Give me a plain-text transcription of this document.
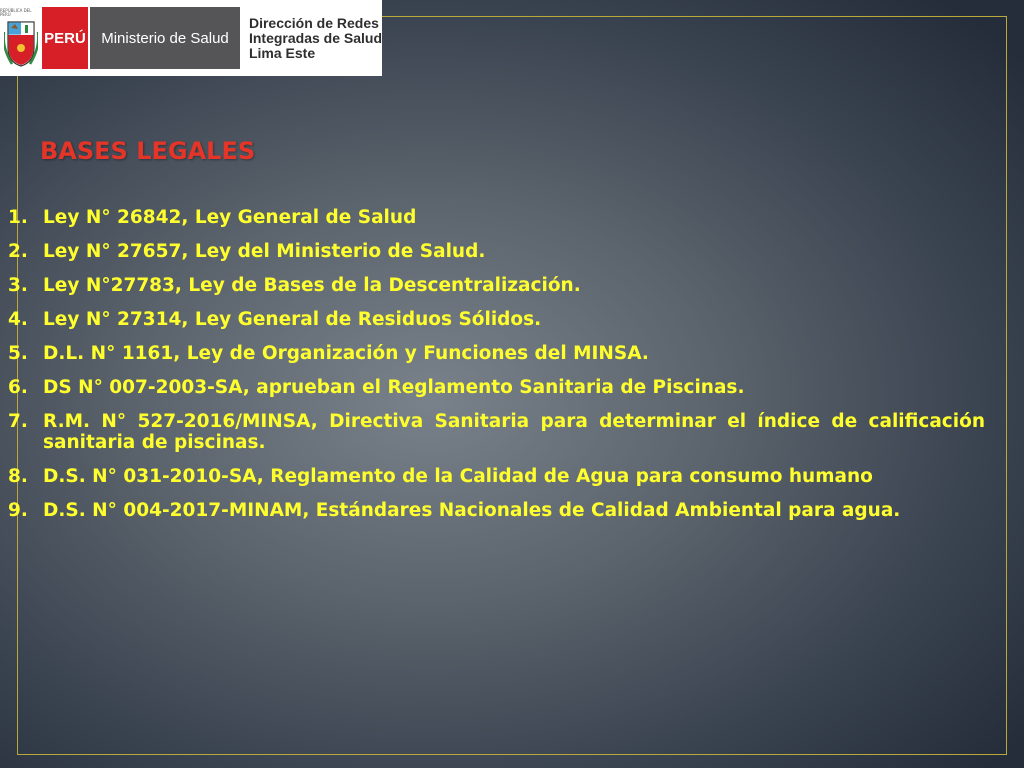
REPÚBLICA DEL PERÚ
PERÚ	Ministerio de Salud
Dirección de Redes
Integradas de Salud
Lima Este
BASES LEGALES
1. Ley N° 26842, Ley General de Salud
2. Ley N° 27657, Ley del Ministerio de Salud.
3. Ley N°27783, Ley de Bases de la Descentralización.
4. Ley N° 27314, Ley General de Residuos Sólidos.
5. D.L. N° 1161, Ley de Organización y Funciones del MINSA.
6. DS N° 007-2003-SA, aprueban el Reglamento Sanitaria de Piscinas.
7. R.M. N° 527-2016/MINSA, Directiva Sanitaria para determinar el índice de calificación sanitaria de piscinas.
8. D.S. N° 031-2010-SA, Reglamento de la Calidad de Agua para consumo humano
9. D.S. N° 004-2017-MINAM, Estándares Nacionales de Calidad Ambiental para agua.
